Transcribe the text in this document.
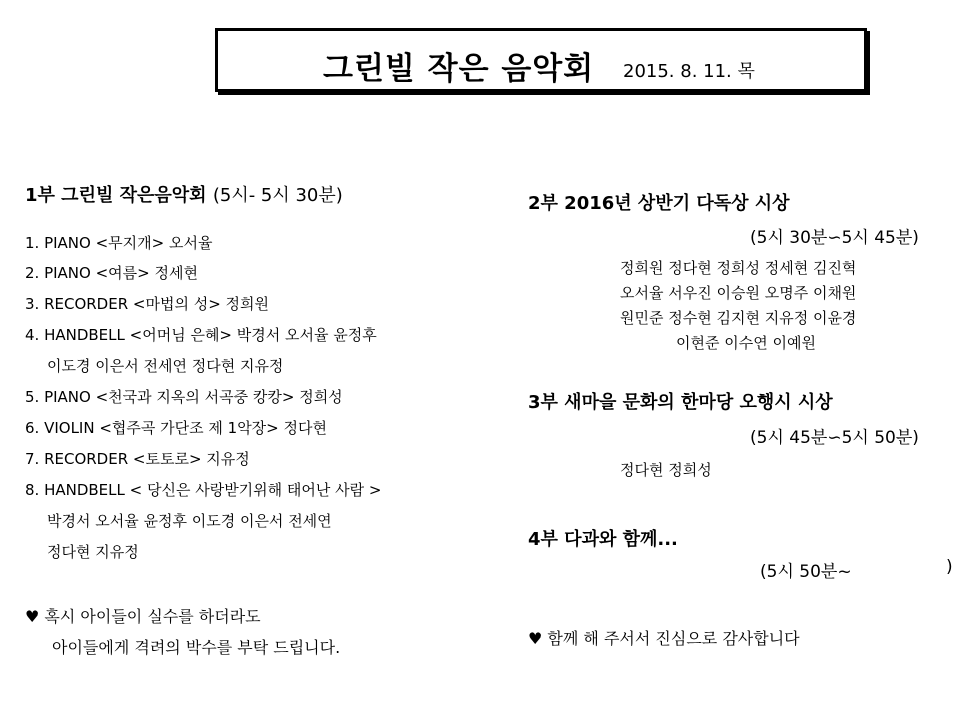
그린빌 작은 음악회 2015. 8. 11. 목
1부 그린빌 작은음악회 (5시- 5시 30분)
1. PIANO <무지개> 오서율
2. PIANO <여름> 정세현
3. RECORDER <마법의 성> 정희원
4. HANDBELL <어머님 은혜> 박경서 오서율 윤정후
이도경 이은서 전세연 정다현 지유정
5. PIANO <천국과 지옥의 서곡중 캉캉> 정희성
6. VIOLIN <협주곡 가단조 제 1악장> 정다현
7. RECORDER <토토로> 지유정
8. HANDBELL < 당신은 사랑받기위해 태어난 사람 >
박경서 오서율 윤정후 이도경 이은서 전세연
정다현 지유정
♥ 혹시 아이들이 실수를 하더라도
아이들에게 격려의 박수를 부탁 드립니다.
2부 2016년 상반기 다독상 시상
(5시 30분∽5시 45분)
정희원 정다현 정희성 정세현 김진혁
오서율 서우진 이승원 오명주 이채원
원민준 정수현 김지현 지유정 이윤경
이현준 이수연 이예원
3부 새마을 문화의 한마당 오행시 시상
(5시 45분∽5시 50분)
정다현 정희성
4부 다과와 함께...
(5시 50분~	)
♥ 함께 해 주서서 진심으로 감사합니다
